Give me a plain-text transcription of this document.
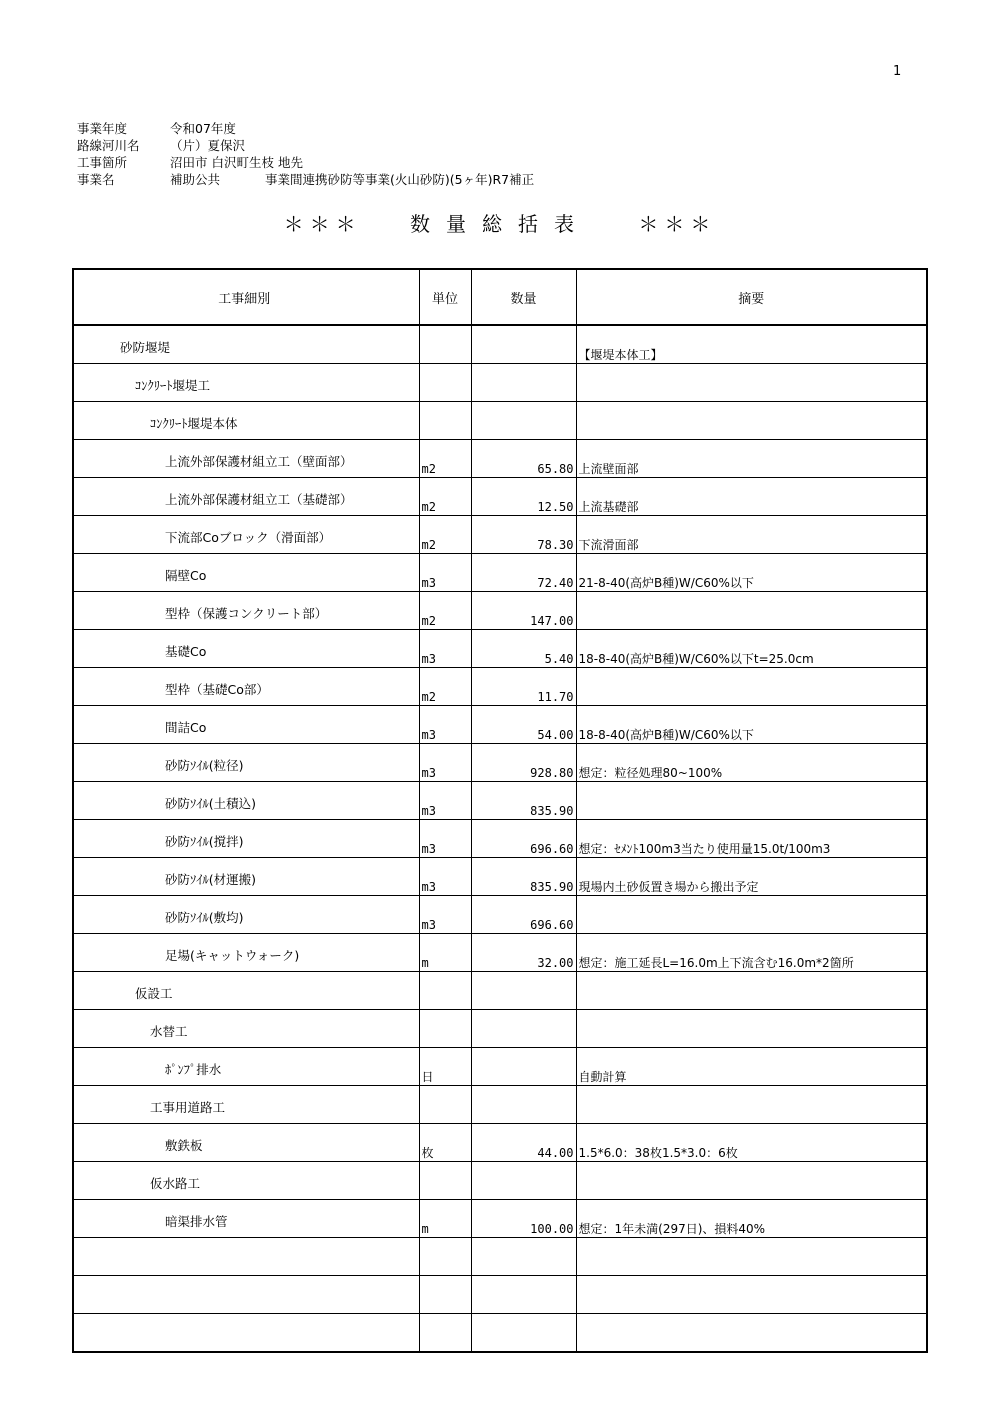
1
事業年度	令和07年度
路線河川名	（片）夏保沢
工事箇所	沼田市 白沢町生枝 地先
事業名	補助公共	事業間連携砂防等事業(火山砂防)(5ヶ年)R7補正
＊＊＊ 数量総括表 ＊＊＊
工事細別	単位	数量	摘要
砂防堰堤			【堰堤本体工】
ｺﾝｸﾘｰﾄ堰堤工			
ｺﾝｸﾘｰﾄ堰堤本体			
上流外部保護材組立工（壁面部）	m2	65.80	上流壁面部
上流外部保護材組立工（基礎部）	m2	12.50	上流基礎部
下流部Coブロック（滑面部）	m2	78.30	下流滑面部
隔壁Co	m3	72.40	21-8-40(高炉B種)W/C60%以下
型枠（保護コンクリート部）	m2	147.00	
基礎Co	m3	5.40	18-8-40(高炉B種)W/C60%以下t=25.0cm
型枠（基礎Co部）	m2	11.70	
間詰Co	m3	54.00	18-8-40(高炉B種)W/C60%以下
砂防ｿｲﾙ(粒径)	m3	928.80	想定：粒径処理80~100%
砂防ｿｲﾙ(土積込)	m3	835.90	
砂防ｿｲﾙ(撹拌)	m3	696.60	想定：ｾﾒﾝﾄ100m3当たり使用量15.0t/100m3
砂防ｿｲﾙ(材運搬)	m3	835.90	現場内土砂仮置き場から搬出予定
砂防ｿｲﾙ(敷均)	m3	696.60	
足場(キャットウォーク)	m	32.00	想定：施工延長L=16.0m上下流含む16.0m*2箇所
仮設工			
水替工			
ﾎﾟﾝﾌﾟ排水	日		自動計算
工事用道路工			
敷鉄板	枚	44.00	1.5*6.0：38枚1.5*3.0：6枚
仮水路工			
暗渠排水管	m	100.00	想定：1年未満(297日)、損料40%
